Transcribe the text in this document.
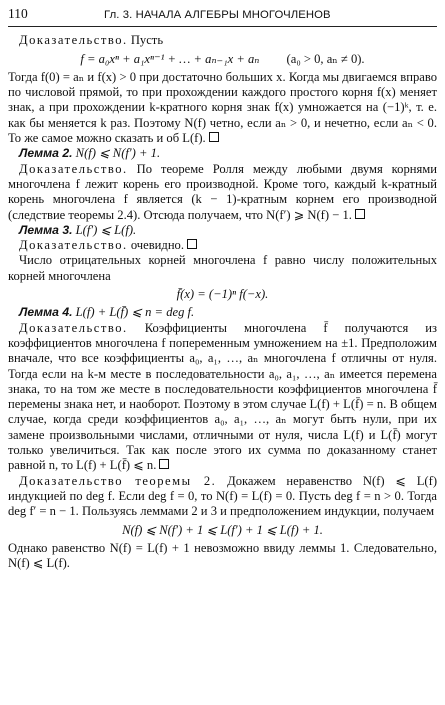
110	Гл. 3. НАЧАЛА АЛГЕБРЫ МНОГОЧЛЕНОВ

Доказательство. Пусть

f = a₀xⁿ + a₁xⁿ⁻¹ + … + aₙ₋₁x + aₙ (a₀ > 0, aₙ ≠ 0).

Тогда f(0) = aₙ и f(x) > 0 при достаточно больших x. Когда мы двигаемся вправо по числовой прямой, то при прохождении каждого простого корня f(x) меняет знак, а при прохождении k-кратного корня знак f(x) умножается на (−1)ᵏ, т. е. как бы меняется k раз. Поэтому N(f) четно, если aₙ > 0, и нечетно, если aₙ < 0. То же самое можно сказать и об L(f).

Лемма 2. N(f) ⩽ N(f′) + 1.

Доказательство. По теореме Ролля между любыми двумя корнями многочлена f лежит корень его производной. Кроме того, каждый k-кратный корень многочлена f является (k − 1)-кратным корнем его производной (следствие теоремы 2.4). Отсюда получаем, что N(f′) ⩾ N(f) − 1.

Лемма 3. L(f′) ⩽ L(f).

Доказательство. очевидно.

Число отрицательных корней многочлена f равно числу положительных корней многочлена

f̄(x) = (−1)ⁿ f(−x).

Лемма 4. L(f) + L(f̄) ⩽ n = deg f.

Доказательство. Коэффициенты многочлена f̄ получаются из коэффициентов многочлена f попеременным умножением на ±1. Предположим вначале, что все коэффициенты a₀, a₁, …, aₙ многочлена f отличны от нуля. Тогда если на k-м месте в последовательности a₀, a₁, …, aₙ имеется перемена знака, то на том же месте в последовательности коэффициентов многочлена f̄ перемены знака нет, и наоборот. Поэтому в этом случае L(f) + L(f̄) = n. В общем случае, когда среди коэффициентов a₀, a₁, …, aₙ могут быть нули, при их замене произвольными числами, отличными от нуля, числа L(f) и L(f̄) могут только увеличиться. Так как после этого их сумма по доказанному станет равной n, то L(f) + L(f̄) ⩽ n.

Доказательство теоремы 2. Докажем неравенство N(f) ⩽ L(f) индукцией по deg f. Если deg f = 0, то N(f) = L(f) = 0. Пусть deg f = n > 0. Тогда deg f′ = n − 1. Пользуясь леммами 2 и 3 и предположением индукции, получаем

N(f) ⩽ N(f′) + 1 ⩽ L(f′) + 1 ⩽ L(f) + 1.

Однако равенство N(f) = L(f) + 1 невозможно ввиду леммы 1. Следовательно, N(f) ⩽ L(f).
